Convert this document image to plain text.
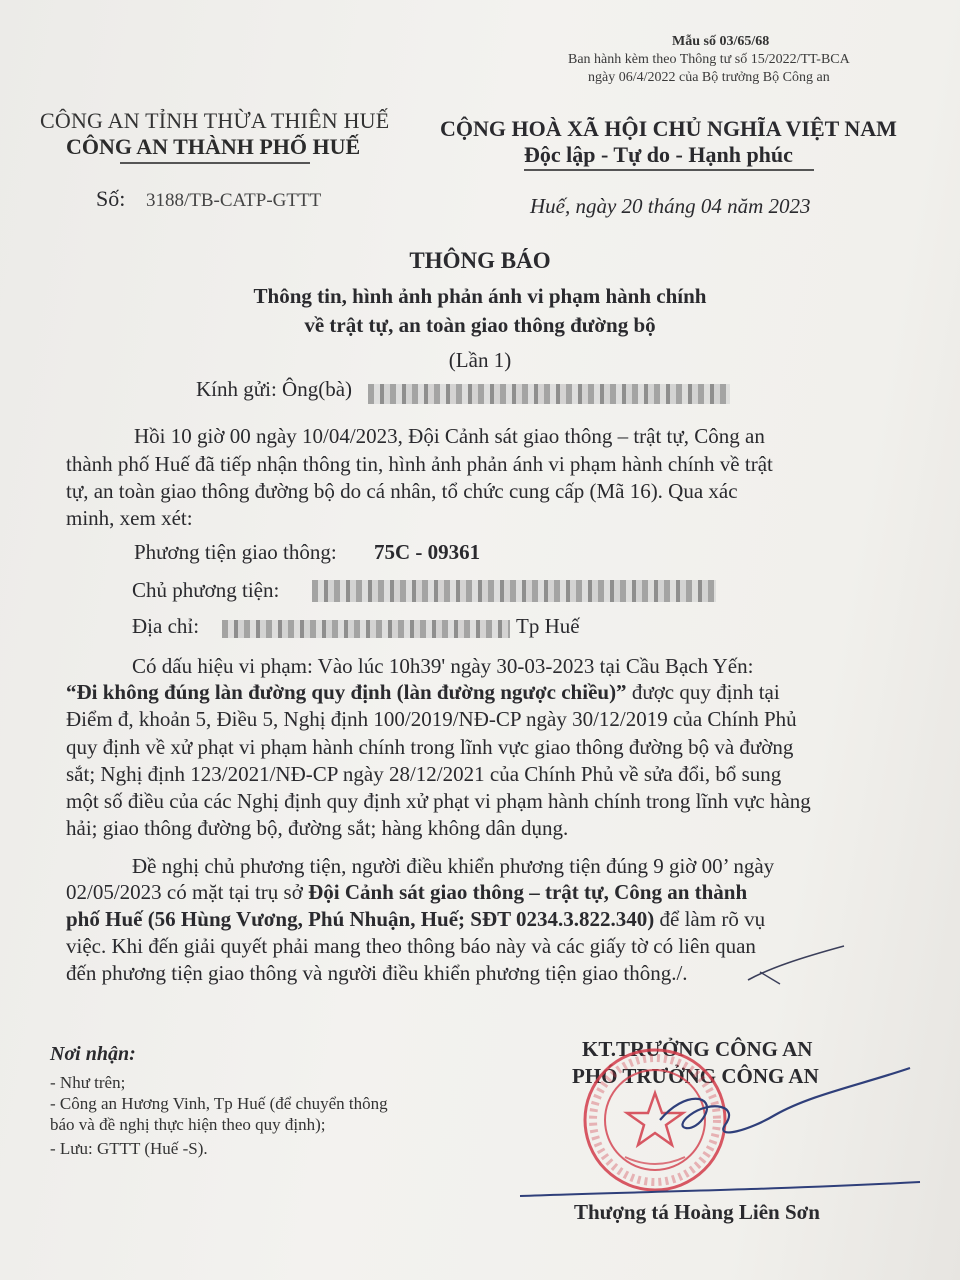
Mẫu số 03/65/68
Ban hành kèm theo Thông tư số 15/2022/TT-BCA
ngày 06/4/2022 của Bộ trưởng Bộ Công an
CÔNG AN TỈNH THỪA THIÊN HUẾ
CÔNG AN THÀNH PHỐ HUẾ
CỘNG HOÀ XÃ HỘI CHỦ NGHĨA VIỆT NAM
Độc lập - Tự do - Hạnh phúc
Số: 3188/TB-CATP-GTTT	Huế, ngày 20 tháng 04 năm 2023
THÔNG BÁO
Thông tin, hình ảnh phản ánh vi phạm hành chính
về trật tự, an toàn giao thông đường bộ
(Lần 1)
Kính gửi: Ông(bà)
Hồi 10 giờ 00 ngày 10/04/2023, Đội Cảnh sát giao thông – trật tự, Công an
thành phố Huế đã tiếp nhận thông tin, hình ảnh phản ánh vi phạm hành chính về trật
tự, an toàn giao thông đường bộ do cá nhân, tổ chức cung cấp (Mã 16). Qua xác
minh, xem xét:
Phương tiện giao thông: 75C - 09361
Chủ phương tiện:
Địa chỉ:	Tp Huế
Có dấu hiệu vi phạm: Vào lúc 10h39' ngày 30-03-2023 tại Cầu Bạch Yến:
“Đi không đúng làn đường quy định (làn đường ngược chiều)” được quy định tại
Điểm đ, khoản 5, Điều 5, Nghị định 100/2019/NĐ-CP ngày 30/12/2019 của Chính Phủ
quy định về xử phạt vi phạm hành chính trong lĩnh vực giao thông đường bộ và đường
sắt; Nghị định 123/2021/NĐ-CP ngày 28/12/2021 của Chính Phủ về sửa đổi, bổ sung
một số điều của các Nghị định quy định xử phạt vi phạm hành chính trong lĩnh vực hàng
hải; giao thông đường bộ, đường sắt; hàng không dân dụng.
Đề nghị chủ phương tiện, người điều khiển phương tiện đúng 9 giờ 00’ ngày
02/05/2023 có mặt tại trụ sở Đội Cảnh sát giao thông – trật tự, Công an thành
phố Huế (56 Hùng Vương, Phú Nhuận, Huế; SĐT 0234.3.822.340) để làm rõ vụ
việc. Khi đến giải quyết phải mang theo thông báo này và các giấy tờ có liên quan
đến phương tiện giao thông và người điều khiển phương tiện giao thông./.
Nơi nhận:
- Như trên;
- Công an Hương Vinh, Tp Huế (để chuyển thông
báo và đề nghị thực hiện theo quy định);
- Lưu: GTTT (Huế -S).
KT.TRƯỞNG CÔNG AN
PHÓ TRƯỞNG CÔNG AN
Thượng tá Hoàng Liên Sơn
